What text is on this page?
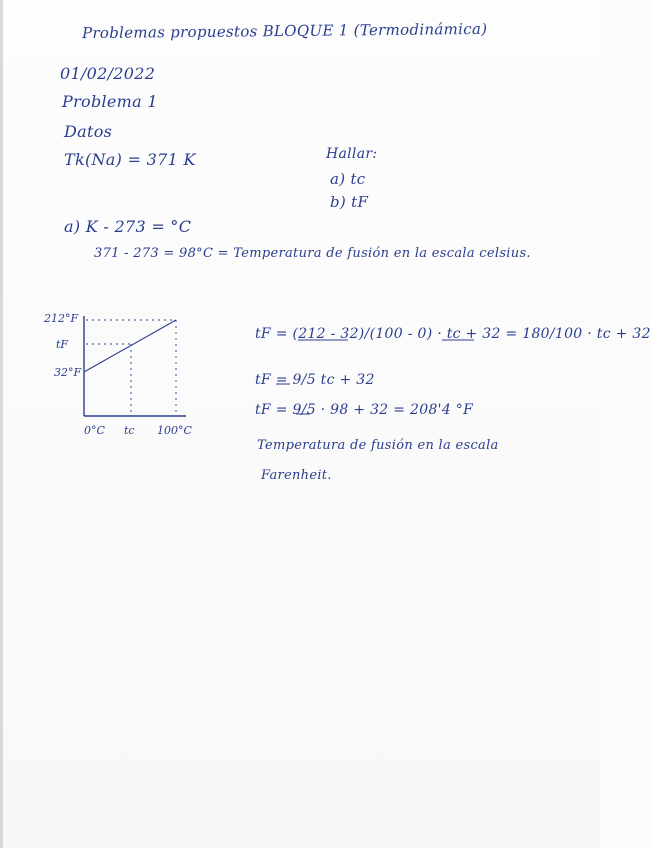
Problemas propuestos BLOQUE 1 (Termodinámica)
01/02/2022
Problema 1
Datos
Tk(Na) = 371 K	Hallar:
a) tc
b) tF
a) K - 273 = °C
371 - 273 = 98°C = Temperatura de fusión en la escala celsius.
212°F
tF
32°F
0°C tc 100°C
tF = (212 - 32)/(100 - 0) · tc + 32 = 180/100 · tc + 32
tF = 9/5 tc + 32
tF = 9/5 · 98 + 32 = 208'4 °F
Temperatura de fusión en la escala
Farenheit.
